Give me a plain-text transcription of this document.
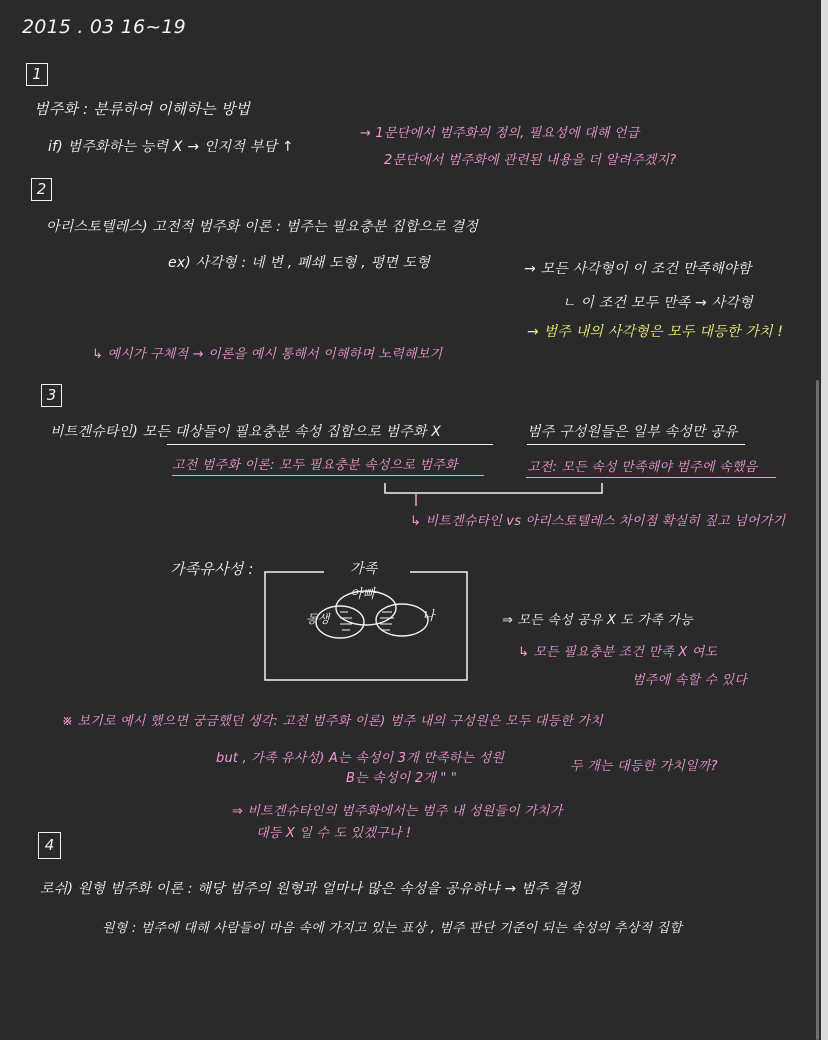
2015 . 03 16~19
1
범주화 : 분류하여 이해하는 방법
if) 범주화하는 능력 X → 인지적 부담 ↑
→ 1문단에서 범주화의 정의, 필요성에 대해 언급
2문단에서 범주화에 관련된 내용을 더 알려주겠지?
2
아리스토텔레스) 고전적 범주화 이론 : 범주는 필요충분 집합으로 결정
ex) 사각형 : 네 변 , 폐쇄 도형 , 평면 도형	→ 모든 사각형이 이 조건 만족해야함
ㄴ 이 조건 모두 만족 → 사각형
→ 범주 내의 사각형은 모두 대등한 가치 !
↳ 예시가 구체적 → 이론을 예시 통해서 이해하며 노력해보기
3
비트겐슈타인) 모든 대상들이 필요충분 속성 집합으로 범주화 X	범주 구성원들은 일부 속성만 공유
고전 범주화 이론: 모두 필요충분 속성으로 범주화	고전: 모든 속성 만족해야 범주에 속했음
↳ 비트겐슈타인 vs 아리스토텔레스 차이점 확실히 짚고 넘어가기
가족유사성 :	가족
아빠
동생	나	⇒ 모든 속성 공유 X 도 가족 가능
↳ 모든 필요충분 조건 만족 X 여도
범주에 속할 수 있다
※ 보기로 예시 했으면 궁금했던 생각: 고전 범주화 이론) 범주 내의 구성원은 모두 대등한 가치
but , 가족 유사성) A는 속성이 3개 만족하는 성원
B는 속성이 2개 " "
두 개는 대등한 가치일까?
⇒ 비트겐슈타인의 범주화에서는 범주 내 성원들이 가치가
대등 X 일 수 도 있겠구나 !
4
로쉬) 원형 범주화 이론 : 해당 범주의 원형과 얼마나 많은 속성을 공유하냐 → 범주 결정
원형 : 범주에 대해 사람들이 마음 속에 가지고 있는 표상 , 범주 판단 기준이 되는 속성의 추상적 집합
